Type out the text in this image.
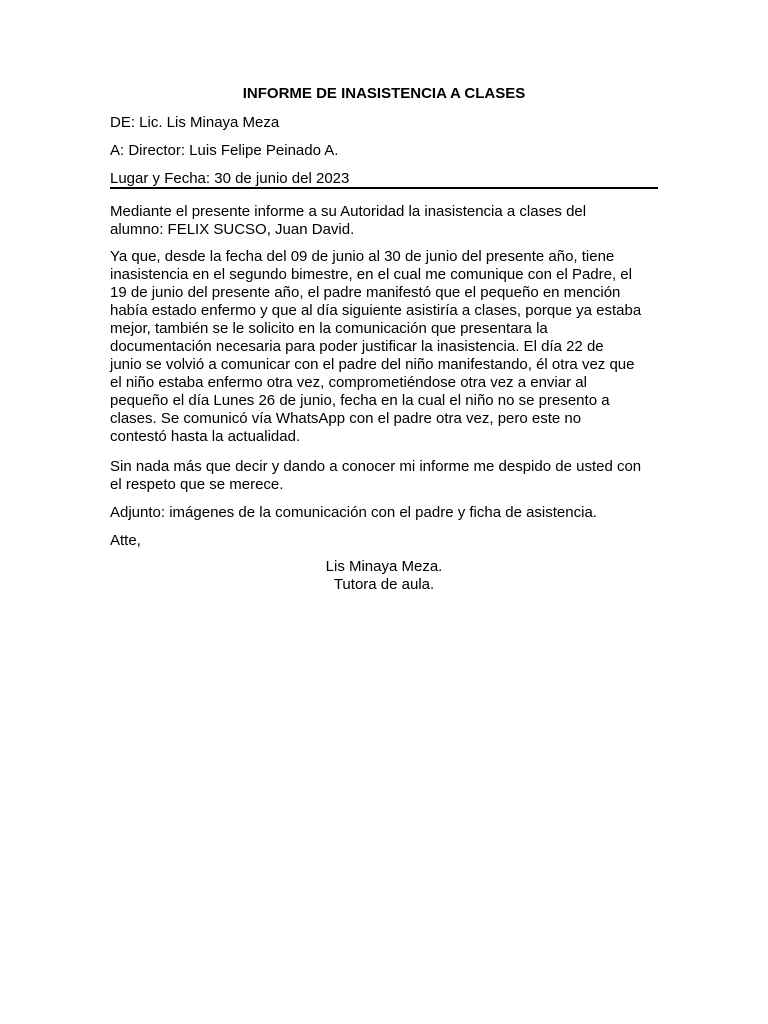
INFORME DE INASISTENCIA A CLASES
DE: Lic. Lis Minaya Meza
A: Director: Luis Felipe Peinado A.
Lugar y Fecha: 30 de junio del 2023
Mediante el presente informe a su Autoridad la inasistencia a clases del
alumno: FELIX SUCSO, Juan David.
Ya que, desde la fecha del 09 de junio al 30 de junio del presente año, tiene
inasistencia en el segundo bimestre, en el cual me comunique con el Padre, el
19 de junio del presente año, el padre manifestó que el pequeño en mención
había estado enfermo y que al día siguiente asistiría a clases, porque ya estaba
mejor, también se le solicito en la comunicación que presentara la
documentación necesaria para poder justificar la inasistencia. El día 22 de
junio se volvió a comunicar con el padre del niño manifestando, él otra vez que
el niño estaba enfermo otra vez, comprometiéndose otra vez a enviar al
pequeño el día Lunes 26 de junio, fecha en la cual el niño no se presento a
clases. Se comunicó vía WhatsApp con el padre otra vez, pero este no
contestó hasta la actualidad.
Sin nada más que decir y dando a conocer mi informe me despido de usted con
el respeto que se merece.
Adjunto: imágenes de la comunicación con el padre y ficha de asistencia.
Atte,
Lis Minaya Meza.
Tutora de aula.
